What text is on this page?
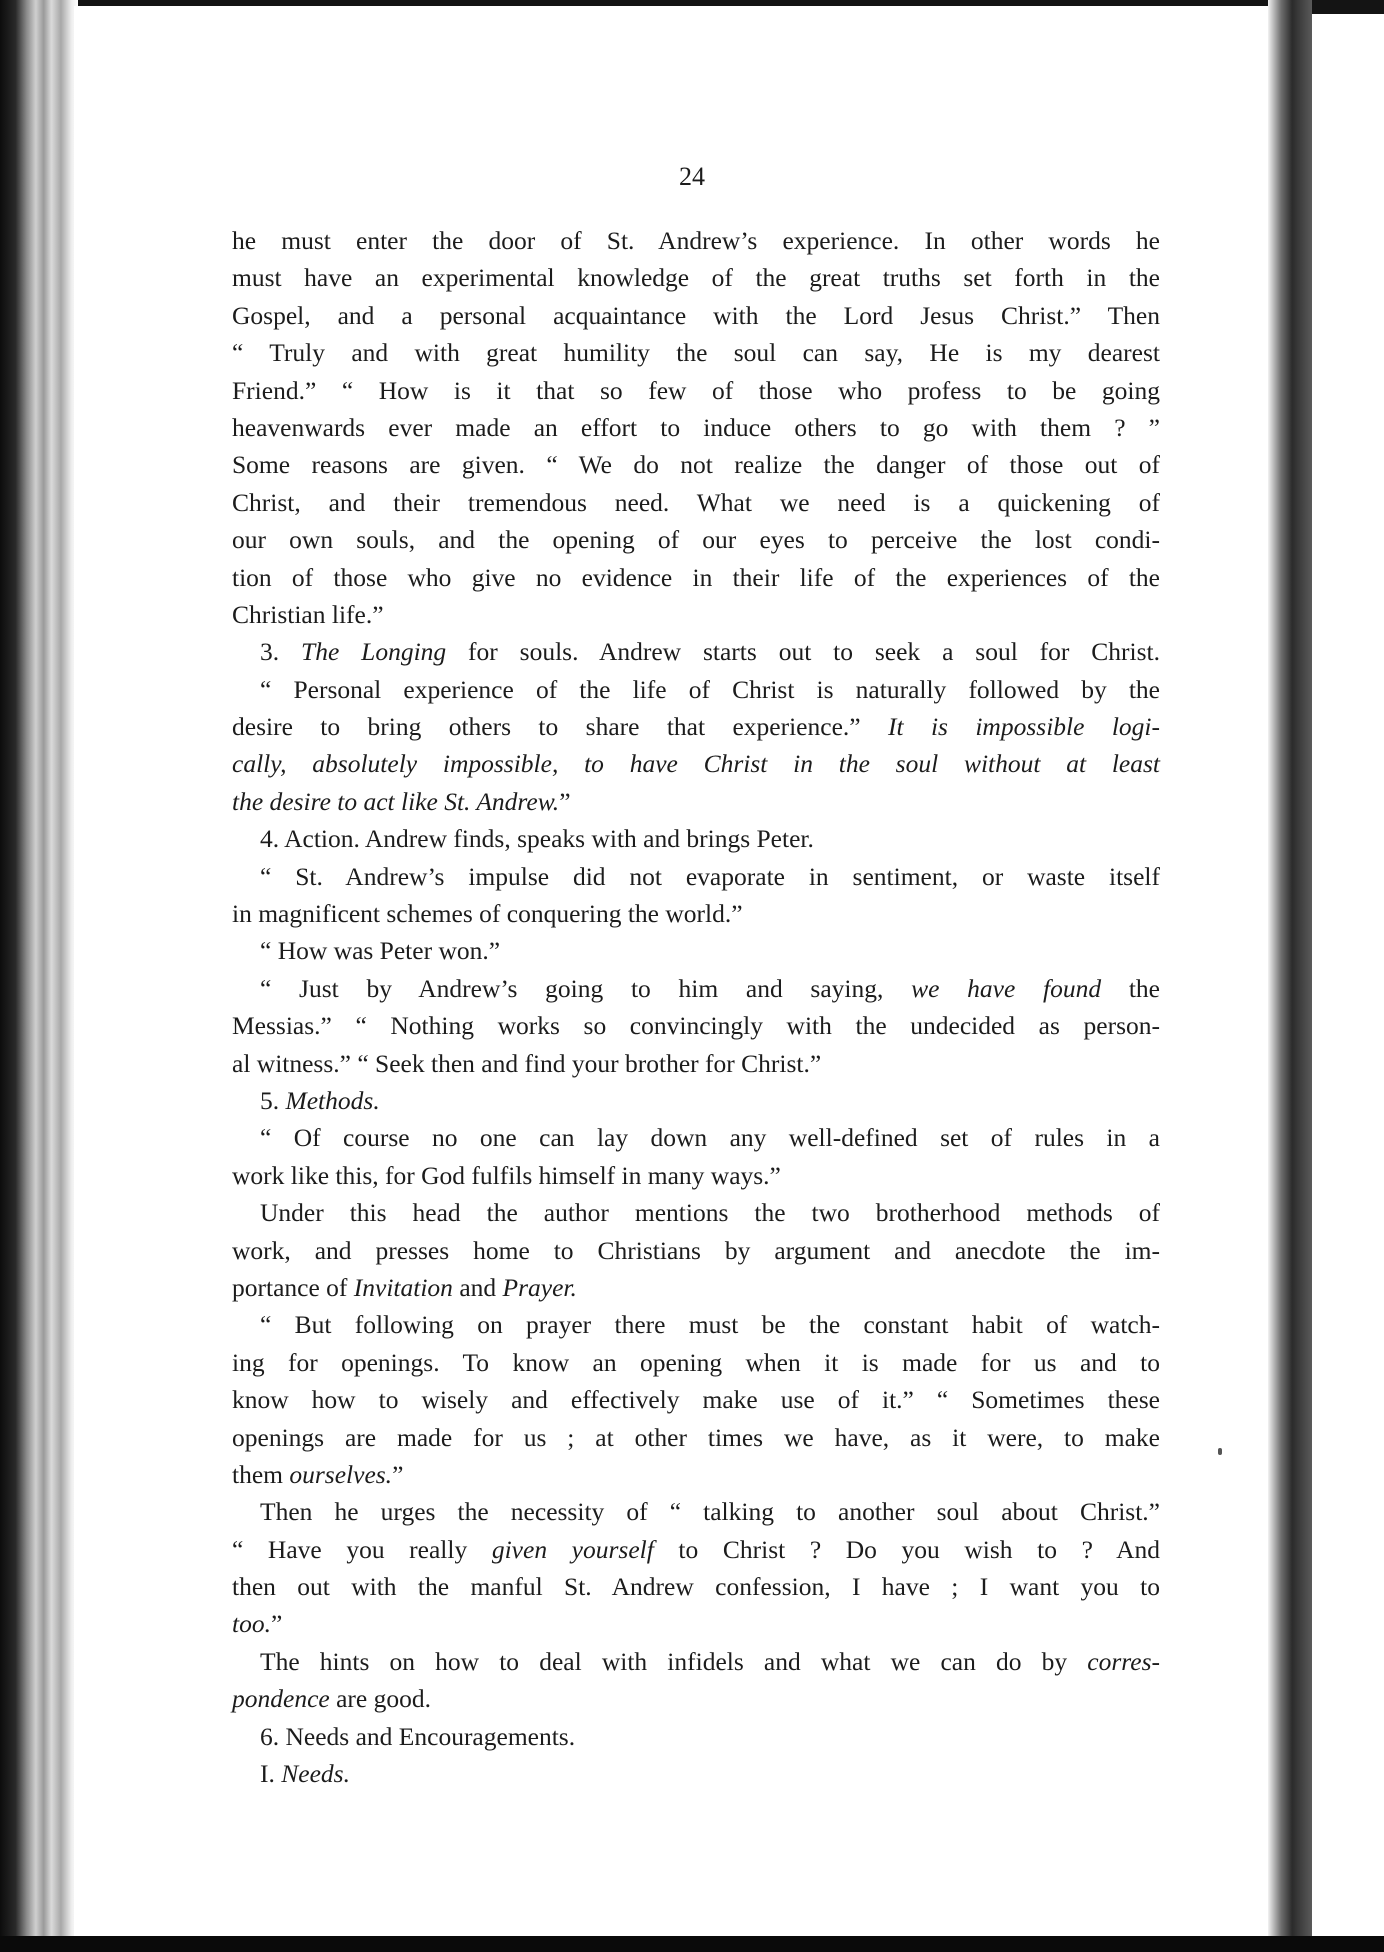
24
he must enter the door of St. Andrew’s experience. In other words he
must have an experimental knowledge of the great truths set forth in the
Gospel, and a personal acquaintance with the Lord Jesus Christ.” Then
“ Truly and with great humility the soul can say, He is my dearest
Friend.” “ How is it that so few of those who profess to be going
heavenwards ever made an effort to induce others to go with them ? ”
Some reasons are given. “ We do not realize the danger of those out of
Christ, and their tremendous need. What we need is a quickening of
our own souls, and the opening of our eyes to perceive the lost condi-
tion of those who give no evidence in their life of the experiences of the
Christian life.”
3. The Longing for souls. Andrew starts out to seek a soul for Christ.
“ Personal experience of the life of Christ is naturally followed by the
desire to bring others to share that experience.” It is impossible logi-
cally, absolutely impossible, to have Christ in the soul without at least
the desire to act like St. Andrew.”
4. Action. Andrew finds, speaks with and brings Peter.
“ St. Andrew’s impulse did not evaporate in sentiment, or waste itself
in magnificent schemes of conquering the world.”
“ How was Peter won.”
“ Just by Andrew’s going to him and saying, we have found the
Messias.” “ Nothing works so convincingly with the undecided as person-
al witness.” “ Seek then and find your brother for Christ.”
5. Methods.
“ Of course no one can lay down any well-defined set of rules in a
work like this, for God fulfils himself in many ways.”
Under this head the author mentions the two brotherhood methods of
work, and presses home to Christians by argument and anecdote the im-
portance of Invitation and Prayer.
“ But following on prayer there must be the constant habit of watch-
ing for openings. To know an opening when it is made for us and to
know how to wisely and effectively make use of it.” “ Sometimes these
openings are made for us ; at other times we have, as it were, to make
them ourselves.”
Then he urges the necessity of “ talking to another soul about Christ.”
“ Have you really given yourself to Christ ? Do you wish to ? And
then out with the manful St. Andrew confession, I have ; I want you to
too.”
The hints on how to deal with infidels and what we can do by corres-
pondence are good.
6. Needs and Encouragements.
I. Needs.
